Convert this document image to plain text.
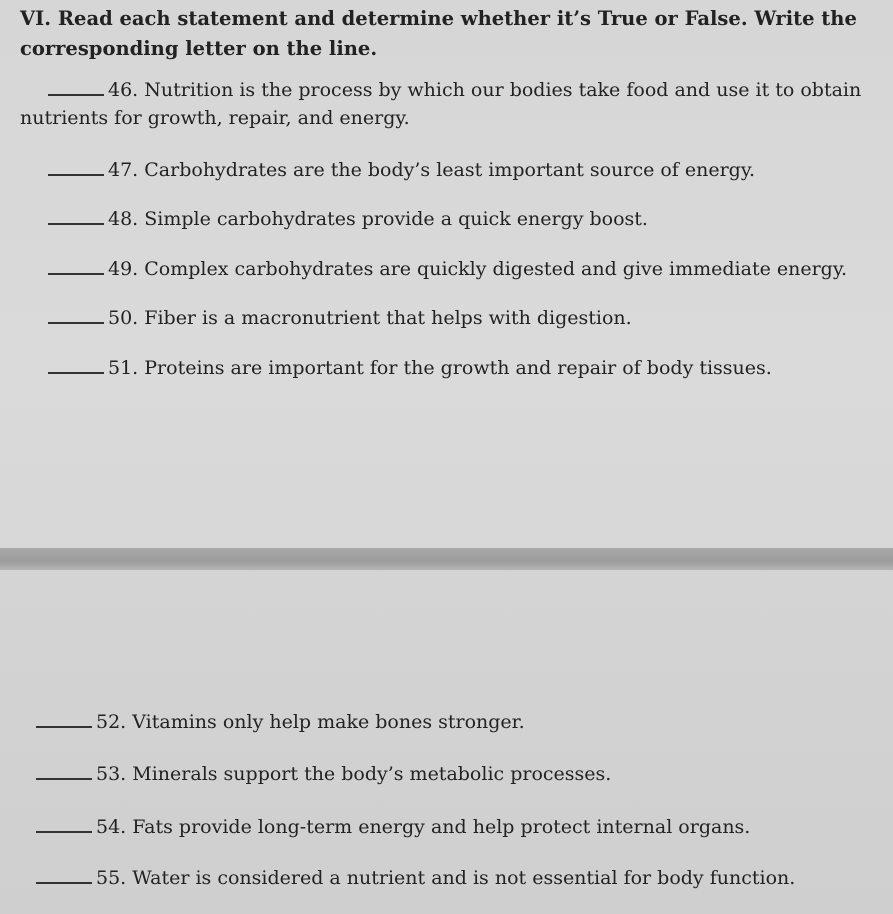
VI. Read each statement and determine whether it’s True or False. Write the
corresponding letter on the line.
46. Nutrition is the process by which our bodies take food and use it to obtain
nutrients for growth, repair, and energy.
47. Carbohydrates are the body’s least important source of energy.
48. Simple carbohydrates provide a quick energy boost.
49. Complex carbohydrates are quickly digested and give immediate energy.
50. Fiber is a macronutrient that helps with digestion.
51. Proteins are important for the growth and repair of body tissues.
52. Vitamins only help make bones stronger.
53. Minerals support the body’s metabolic processes.
54. Fats provide long-term energy and help protect internal organs.
55. Water is considered a nutrient and is not essential for body function.
